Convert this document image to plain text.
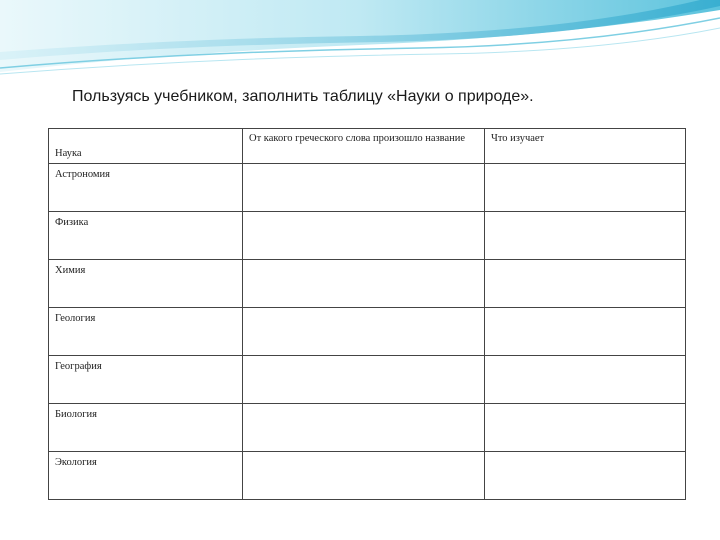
Пользуясь учебником, заполнить таблицу «Науки о природе».
Наука	От какого греческого слова произошло название	Что изучает
Астрономия		
Физика		
Химия		
Геология		
География		
Биология		
Экология		
